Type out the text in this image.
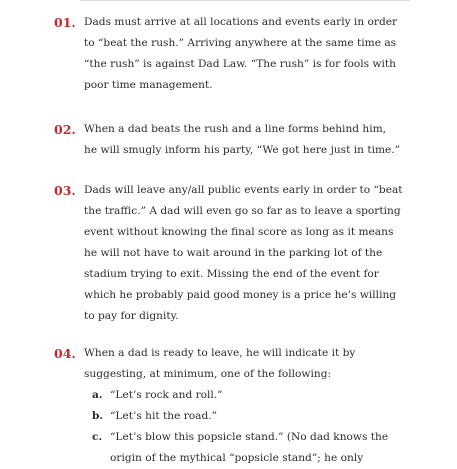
01. Dads must arrive at all locations and events early in order
to “beat the rush.” Arriving anywhere at the same time as
“the rush” is against Dad Law. “The rush” is for fools with
poor time management.
02. When a dad beats the rush and a line forms behind him,
he will smugly inform his party, “We got here just in time.”
03. Dads will leave any/all public events early in order to “beat
the traffic.” A dad will even go so far as to leave a sporting
event without knowing the final score as long as it means
he will not have to wait around in the parking lot of the
stadium trying to exit. Missing the end of the event for
which he probably paid good money is a price he’s willing
to pay for dignity.
04. When a dad is ready to leave, he will indicate it by
suggesting, at minimum, one of the following:
a. “Let’s rock and roll.”
b. “Let’s hit the road.”
c. “Let’s blow this popsicle stand.” (No dad knows the
origin of the mythical “popsicle stand”; he only
